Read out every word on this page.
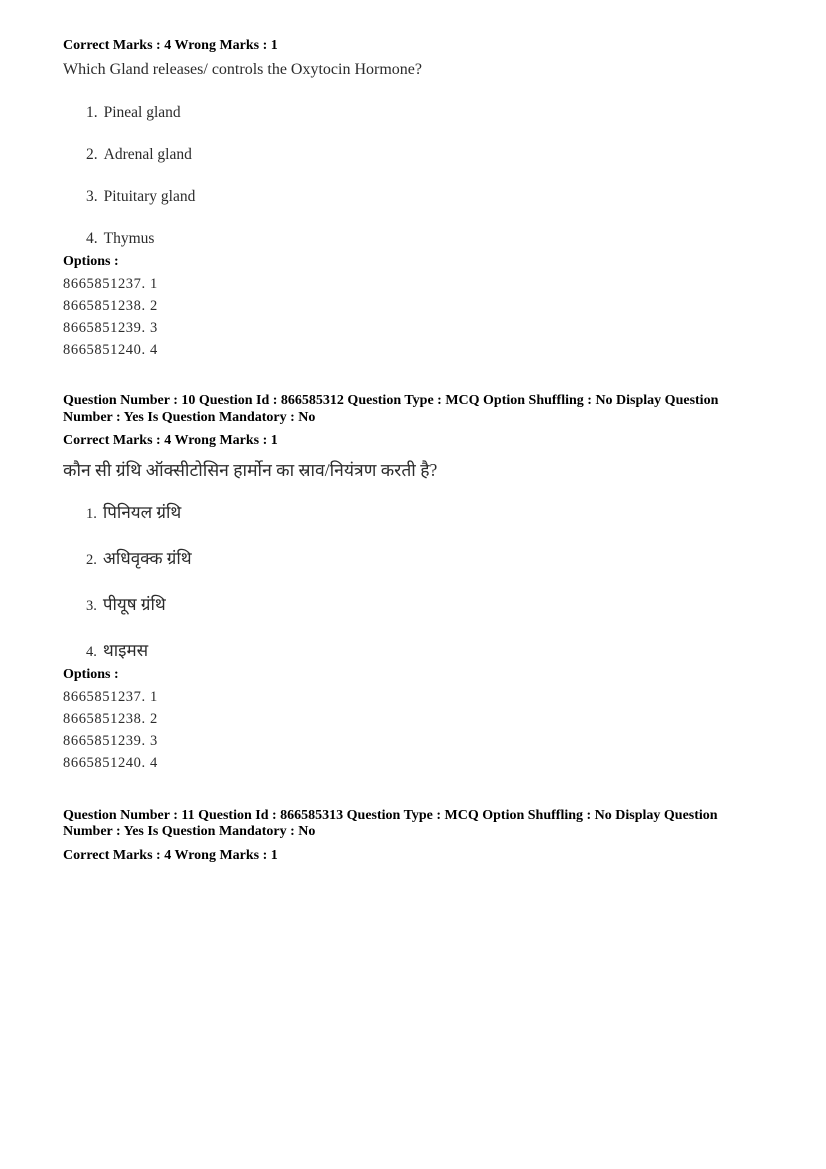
Correct Marks : 4 Wrong Marks : 1

Which Gland releases/ controls the Oxytocin Hormone?

1. Pineal gland
2. Adrenal gland
3. Pituitary gland
4. Thymus

Options :

8665851237. 1
8665851238. 2
8665851239. 3
8665851240. 4

Question Number : 10 Question Id : 866585312 Question Type : MCQ Option Shuffling : No Display Question Number : Yes Is Question Mandatory : No

Correct Marks : 4 Wrong Marks : 1

कौन सी ग्रंथि ऑक्सीटोसिन हार्मोन का स्राव/नियंत्रण करती है?

1. पिनियल ग्रंथि
2. अधिवृक्क ग्रंथि
3. पीयूष ग्रंथि
4. थाइमस

Options :

8665851237. 1
8665851238. 2
8665851239. 3
8665851240. 4

Question Number : 11 Question Id : 866585313 Question Type : MCQ Option Shuffling : No Display Question Number : Yes Is Question Mandatory : No

Correct Marks : 4 Wrong Marks : 1
